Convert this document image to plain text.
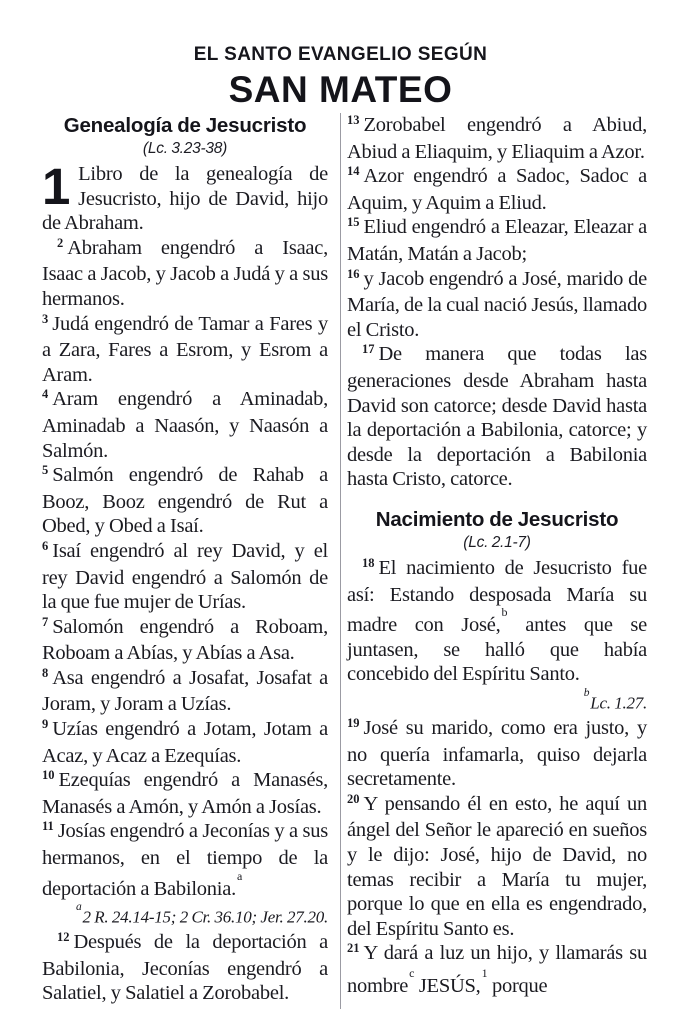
EL SANTO EVANGELIO SEGÚN
SAN MATEO
Genealogía de Jesucristo
(Lc. 3.23-38)

1 Libro de la genealogía de Jesucristo, hijo de David, hijo de Abraham.

$^2$ Abraham engendró a Isaac, Isaac a Jacob, y Jacob a Judá y a sus hermanos.

$^3$ Judá engendró de Tamar a Fares y a Zara, Fares a Esrom, y Esrom a Aram.

$^4$ Aram engendró a Aminadab, Aminadab a Naasón, y Naasón a Salmón.

$^5$ Salmón engendró de Rahab a Booz, Booz engendró de Rut a Obed, y Obed a Isaí.

$^6$ Isaí engendró al rey David, y el rey David engendró a Salomón de la que fue mujer de Urías.

$^7$ Salomón engendró a Roboam, Roboam a Abías, y Abías a Asa.

$^8$ Asa engendró a Josafat, Josafat a Joram, y Joram a Uzías.

$^9$ Uzías engendró a Jotam, Jotam a Acaz, y Acaz a Ezequías.

$^{10}$ Ezequías engendró a Manasés, Manasés a Amón, y Amón a Josías.

$^{11}$ Josías engendró a Jeconías y a sus hermanos, en el tiempo de la deportación a Babilonia.$^a$

$^a$2 R. 24.14-15; 2 Cr. 36.10; Jer. 27.20.

$^{12}$ Después de la deportación a Babilonia, Jeconías engendró a Salatiel, y Salatiel a Zorobabel.

$^{13}$ Zorobabel engendró a Abiud, Abiud a Eliaquim, y Eliaquim a Azor.

$^{14}$ Azor engendró a Sadoc, Sadoc a Aquim, y Aquim a Eliud.

$^{15}$ Eliud engendró a Eleazar, Eleazar a Matán, Matán a Jacob;

$^{16}$ y Jacob engendró a José, marido de María, de la cual nació Jesús, llamado el Cristo.

$^{17}$ De manera que todas las generaciones desde Abraham hasta David son catorce; desde David hasta la deportación a Babilonia, catorce; y desde la deportación a Babilonia hasta Cristo, catorce.

Nacimiento de Jesucristo
(Lc. 2.1-7)

$^{18}$ El nacimiento de Jesucristo fue así: Estando desposada María su madre con José,$^b$ antes que se juntasen, se halló que había concebido del Espíritu Santo.

$^b$Lc. 1.27.

$^{19}$ José su marido, como era justo, y no quería infamarla, quiso dejarla secretamente.

$^{20}$ Y pensando él en esto, he aquí un ángel del Señor le apareció en sueños y le dijo: José, hijo de David, no temas recibir a María tu mujer, porque lo que en ella es engendrado, del Espíritu Santo es.

$^{21}$ Y dará a luz un hijo, y llamarás su nombre$^c$ JESÚS,$^1$ porque
